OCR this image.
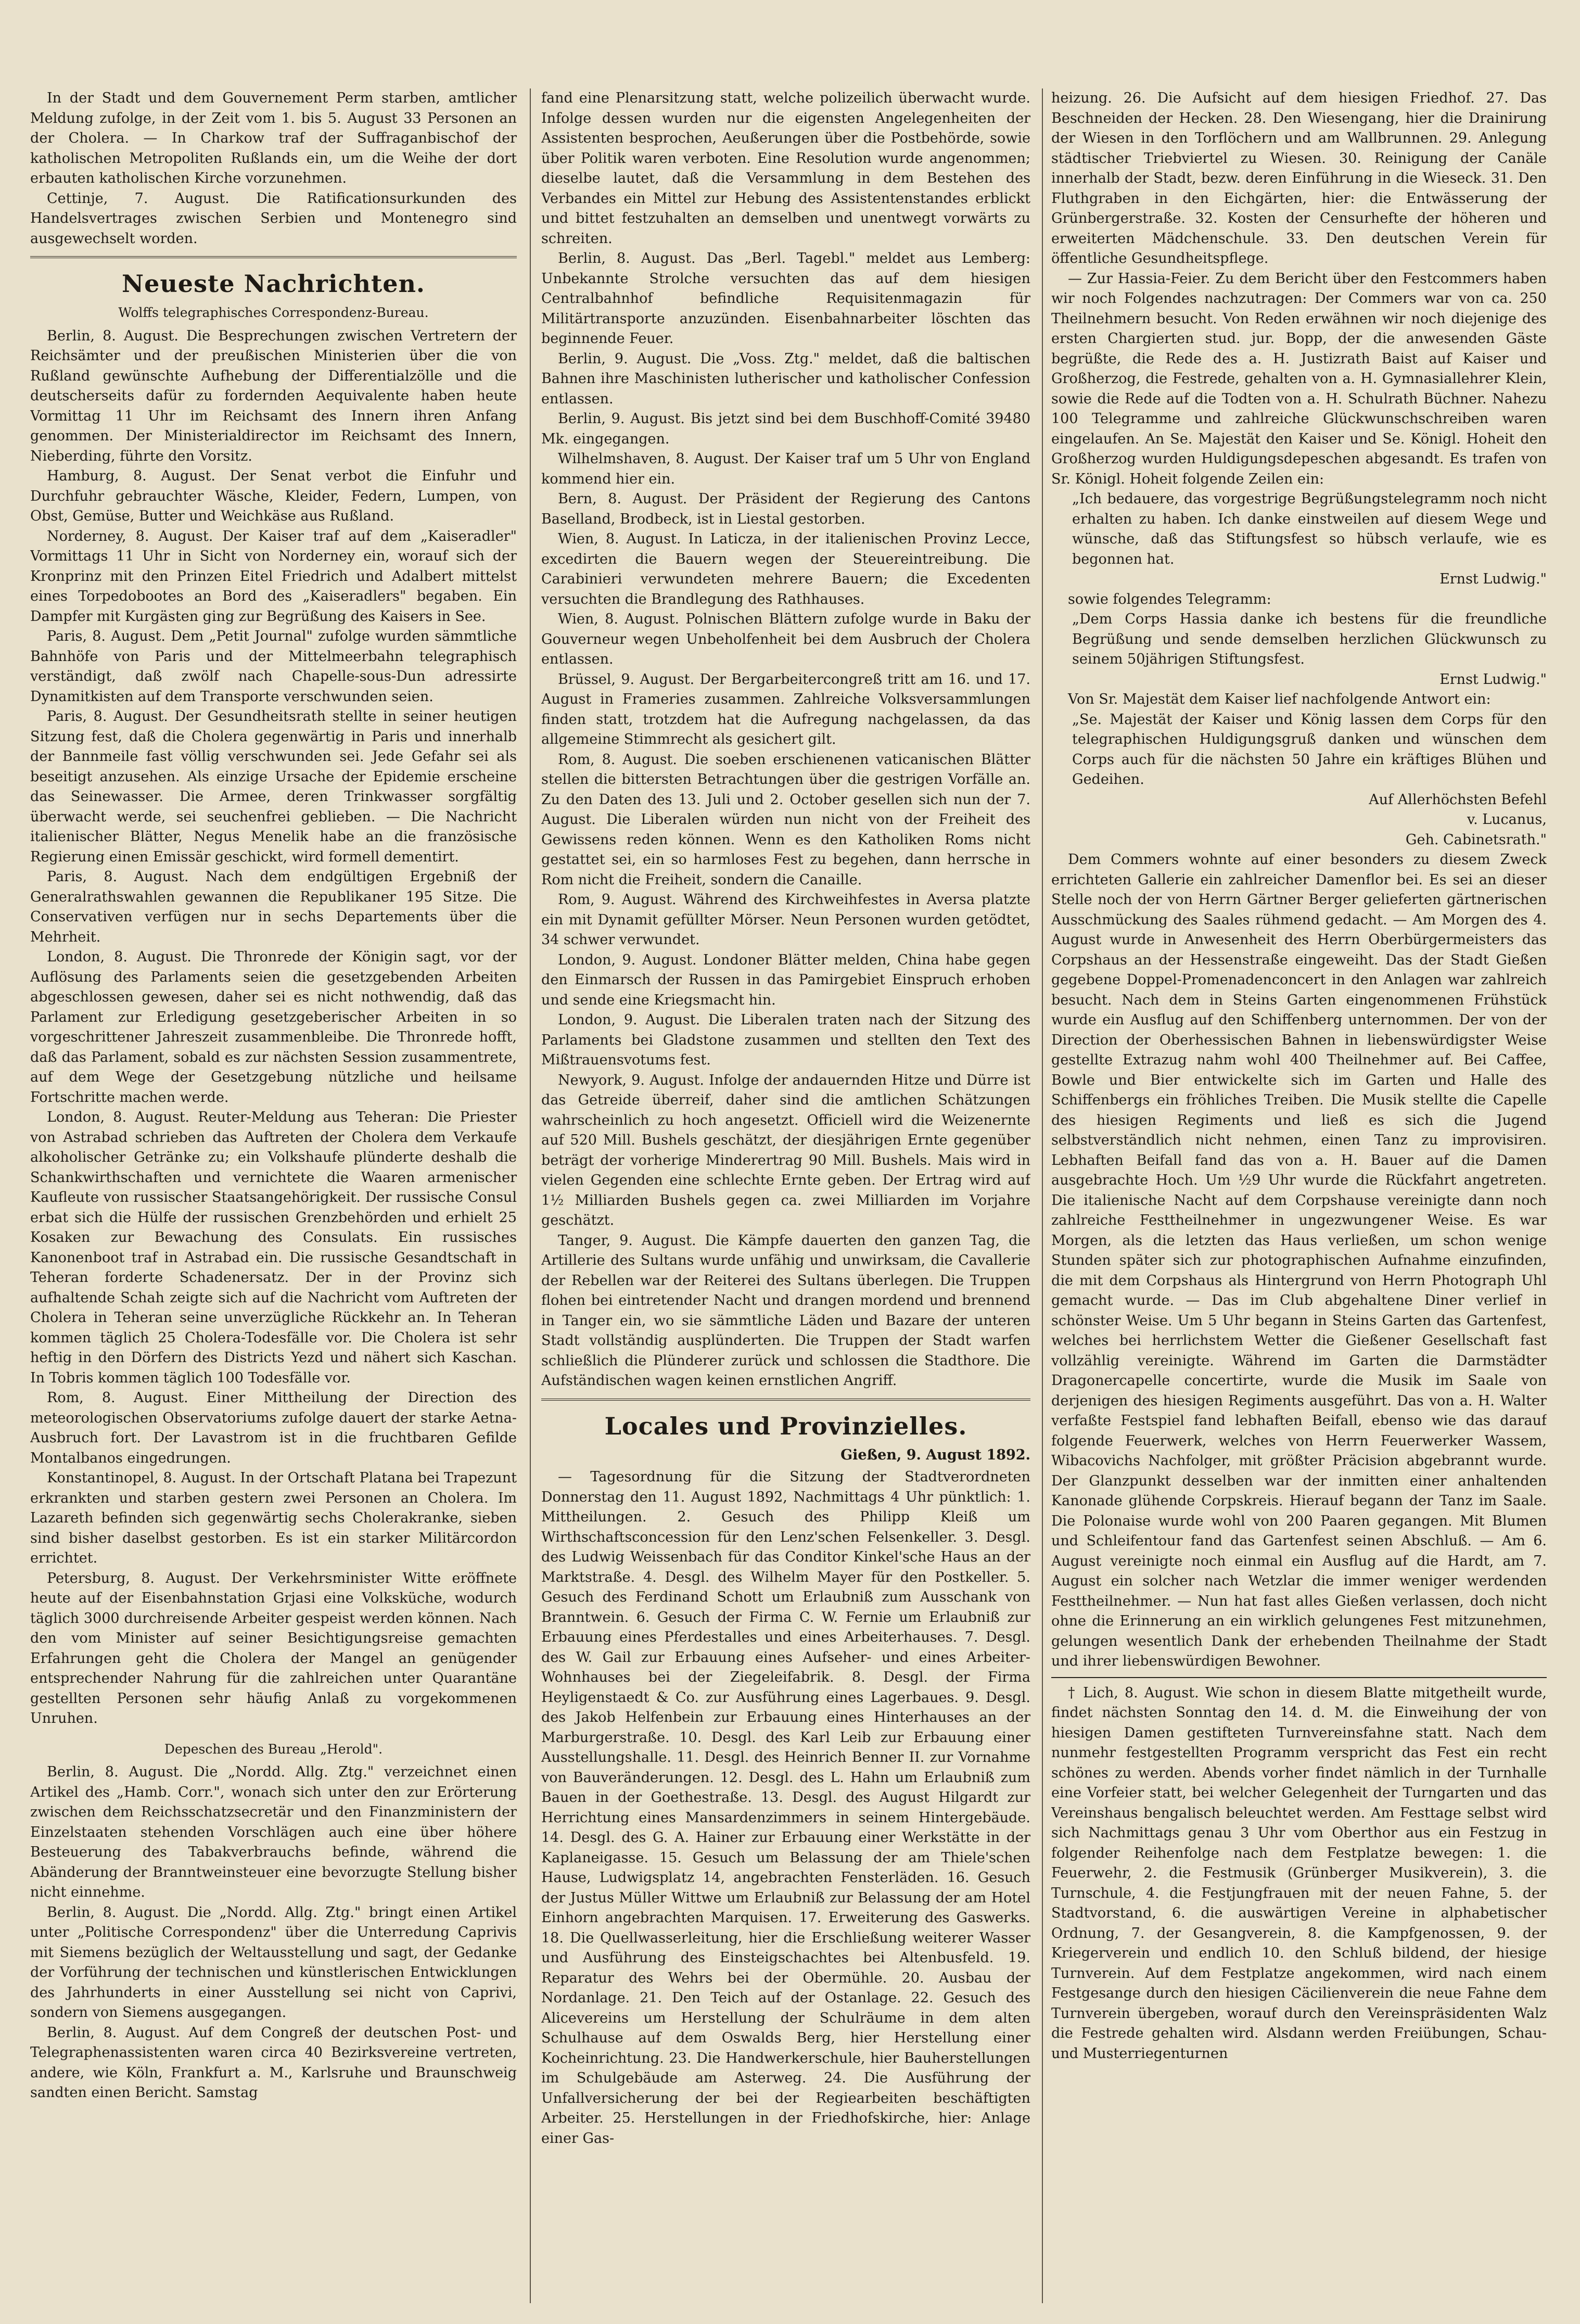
In der Stadt und dem Gouvernement Perm starben, amtlicher Meldung zufolge, in der Zeit vom 1. bis 5. August 33 Personen an der Cholera. — In Charkow traf der Suffraganbischof der katholischen Metropoliten Rußlands ein, um die Weihe der dort erbauten katholischen Kirche vorzunehmen.

Cettinje, 7. August. Die Ratificationsurkunden des Handelsvertrages zwischen Serbien und Montenegro sind ausgewechselt worden.

Neueste Nachrichten.
Wolffs telegraphisches Correspondenz-Bureau.

Berlin, 8. August. Die Besprechungen zwischen Vertretern der Reichsämter und der preußischen Ministerien über die von Rußland gewünschte Aufhebung der Differentialzölle und die deutscherseits dafür zu fordernden Aequivalente haben heute Vormittag 11 Uhr im Reichsamt des Innern ihren Anfang genommen. Der Ministerialdirector im Reichsamt des Innern, Nieberding, führte den Vorsitz.

Hamburg, 8. August. Der Senat verbot die Einfuhr und Durchfuhr gebrauchter Wäsche, Kleider, Federn, Lumpen, von Obst, Gemüse, Butter und Weichkäse aus Rußland.

Norderney, 8. August. Der Kaiser traf auf dem „Kaiseradler" Vormittags 11 Uhr in Sicht von Norderney ein, worauf sich der Kronprinz mit den Prinzen Eitel Friedrich und Adalbert mittelst eines Torpedobootes an Bord des „Kaiseradlers" begaben. Ein Dampfer mit Kurgästen ging zur Begrüßung des Kaisers in See.

Paris, 8. August. Dem „Petit Journal" zufolge wurden sämmtliche Bahnhöfe von Paris und der Mittelmeerbahn telegraphisch verständigt, daß zwölf nach Chapelle-sous-Dun adressirte Dynamitkisten auf dem Transporte verschwunden seien.

Paris, 8. August. Der Gesundheitsrath stellte in seiner heutigen Sitzung fest, daß die Cholera gegenwärtig in Paris und innerhalb der Bannmeile fast völlig verschwunden sei. Jede Gefahr sei als beseitigt anzusehen. Als einzige Ursache der Epidemie erscheine das Seinewasser. Die Armee, deren Trinkwasser sorgfältig überwacht werde, sei seuchenfrei geblieben. — Die Nachricht italienischer Blätter, Negus Menelik habe an die französische Regierung einen Emissär geschickt, wird formell dementirt.

Paris, 8. August. Nach dem endgültigen Ergebniß der Generalrathswahlen gewannen die Republikaner 195 Sitze. Die Conservativen verfügen nur in sechs Departements über die Mehrheit.

London, 8. August. Die Thronrede der Königin sagt, vor der Auflösung des Parlaments seien die gesetzgebenden Arbeiten abgeschlossen gewesen, daher sei es nicht nothwendig, daß das Parlament zur Erledigung gesetzgeberischer Arbeiten in so vorgeschrittener Jahreszeit zusammenbleibe. Die Thronrede hofft, daß das Parlament, sobald es zur nächsten Session zusammentrete, auf dem Wege der Gesetzgebung nützliche und heilsame Fortschritte machen werde.

London, 8. August. Reuter-Meldung aus Teheran: Die Priester von Astrabad schrieben das Auftreten der Cholera dem Verkaufe alkoholischer Getränke zu; ein Volkshaufe plünderte deshalb die Schankwirthschaften und vernichtete die Waaren armenischer Kaufleute von russischer Staatsangehörigkeit. Der russische Consul erbat sich die Hülfe der russischen Grenzbehörden und erhielt 25 Kosaken zur Bewachung des Consulats. Ein russisches Kanonenboot traf in Astrabad ein. Die russische Gesandtschaft in Teheran forderte Schadenersatz. Der in der Provinz sich aufhaltende Schah zeigte sich auf die Nachricht vom Auftreten der Cholera in Teheran seine unverzügliche Rückkehr an. In Teheran kommen täglich 25 Cholera-Todesfälle vor. Die Cholera ist sehr heftig in den Dörfern des Districts Yezd und nähert sich Kaschan. In Tobris kommen täglich 100 Todesfälle vor.

Rom, 8. August. Einer Mittheilung der Direction des meteorologischen Observatoriums zufolge dauert der starke Aetna-Ausbruch fort. Der Lavastrom ist in die fruchtbaren Gefilde Montalbanos eingedrungen.

Konstantinopel, 8. August. In der Ortschaft Platana bei Trapezunt erkrankten und starben gestern zwei Personen an Cholera. Im Lazareth befinden sich gegenwärtig sechs Cholerakranke, sieben sind bisher daselbst gestorben. Es ist ein starker Militärcordon errichtet.

Petersburg, 8. August. Der Verkehrsminister Witte eröffnete heute auf der Eisenbahnstation Grjasi eine Volksküche, wodurch täglich 3000 durchreisende Arbeiter gespeist werden können. Nach den vom Minister auf seiner Besichtigungsreise gemachten Erfahrungen geht die Cholera der Mangel an genügender entsprechender Nahrung für die zahlreichen unter Quarantäne gestellten Personen sehr häufig Anlaß zu vorgekommenen Unruhen.

Depeschen des Bureau „Herold".

Berlin, 8. August. Die „Nordd. Allg. Ztg." verzeichnet einen Artikel des „Hamb. Corr.", wonach sich unter den zur Erörterung zwischen dem Reichsschatzsecretär und den Finanzministern der Einzelstaaten stehenden Vorschlägen auch eine über höhere Besteuerung des Tabakverbrauchs befinde, während die Abänderung der Branntweinsteuer eine bevorzugte Stellung bisher nicht einnehme.

Berlin, 8. August. Die „Nordd. Allg. Ztg." bringt einen Artikel unter „Politische Correspondenz" über die Unterredung Caprivis mit Siemens bezüglich der Weltausstellung und sagt, der Gedanke der Vorführung der technischen und künstlerischen Entwicklungen des Jahrhunderts in einer Ausstellung sei nicht von Caprivi, sondern von Siemens ausgegangen.

Berlin, 8. August. Auf dem Congreß der deutschen Post- und Telegraphenassistenten waren circa 40 Bezirksvereine vertreten, andere, wie Köln, Frankfurt a. M., Karlsruhe und Braunschweig sandten einen Bericht. Samstag

fand eine Plenarsitzung statt, welche polizeilich überwacht wurde. Infolge dessen wurden nur die eigensten Angelegenheiten der Assistenten besprochen, Aeußerungen über die Postbehörde, sowie über Politik waren verboten. Eine Resolution wurde angenommen; dieselbe lautet, daß die Versammlung in dem Bestehen des Verbandes ein Mittel zur Hebung des Assistentenstandes erblickt und bittet festzuhalten an demselben und unentwegt vorwärts zu schreiten.

Berlin, 8. August. Das „Berl. Tagebl." meldet aus Lemberg: Unbekannte Strolche versuchten das auf dem hiesigen Centralbahnhof befindliche Requisitenmagazin für Militärtransporte anzuzünden. Eisenbahnarbeiter löschten das beginnende Feuer.

Berlin, 9. August. Die „Voss. Ztg." meldet, daß die baltischen Bahnen ihre Maschinisten lutherischer und katholischer Confession entlassen.

Berlin, 9. August. Bis jetzt sind bei dem Buschhoff-Comité 39480 Mk. eingegangen.

Wilhelmshaven, 8. August. Der Kaiser traf um 5 Uhr von England kommend hier ein.

Bern, 8. August. Der Präsident der Regierung des Cantons Baselland, Brodbeck, ist in Liestal gestorben.

Wien, 8. August. In Laticza, in der italienischen Provinz Lecce, excedirten die Bauern wegen der Steuereintreibung. Die Carabinieri verwundeten mehrere Bauern; die Excedenten versuchten die Brandlegung des Rathhauses.

Wien, 8. August. Polnischen Blättern zufolge wurde in Baku der Gouverneur wegen Unbeholfenheit bei dem Ausbruch der Cholera entlassen.

Brüssel, 9. August. Der Bergarbeitercongreß tritt am 16. und 17. August in Frameries zusammen. Zahlreiche Volksversammlungen finden statt, trotzdem hat die Aufregung nachgelassen, da das allgemeine Stimmrecht als gesichert gilt.

Rom, 8. August. Die soeben erschienenen vaticanischen Blätter stellen die bittersten Betrachtungen über die gestrigen Vorfälle an. Zu den Daten des 13. Juli und 2. October gesellen sich nun der 7. August. Die Liberalen würden nun nicht von der Freiheit des Gewissens reden können. Wenn es den Katholiken Roms nicht gestattet sei, ein so harmloses Fest zu begehen, dann herrsche in Rom nicht die Freiheit, sondern die Canaille.

Rom, 9. August. Während des Kirchweihfestes in Aversa platzte ein mit Dynamit gefüllter Mörser. Neun Personen wurden getödtet, 34 schwer verwundet.

London, 9. August. Londoner Blätter melden, China habe gegen den Einmarsch der Russen in das Pamirgebiet Einspruch erhoben und sende eine Kriegsmacht hin.

London, 9. August. Die Liberalen traten nach der Sitzung des Parlaments bei Gladstone zusammen und stellten den Text des Mißtrauensvotums fest.

Newyork, 9. August. Infolge der andauernden Hitze und Dürre ist das Getreide überreif, daher sind die amtlichen Schätzungen wahrscheinlich zu hoch angesetzt. Officiell wird die Weizenernte auf 520 Mill. Bushels geschätzt, der diesjährigen Ernte gegenüber beträgt der vorherige Minderertrag 90 Mill. Bushels. Mais wird in vielen Gegenden eine schlechte Ernte geben. Der Ertrag wird auf 1½ Milliarden Bushels gegen ca. zwei Milliarden im Vorjahre geschätzt.

Tanger, 9. August. Die Kämpfe dauerten den ganzen Tag, die Artillerie des Sultans wurde unfähig und unwirksam, die Cavallerie der Rebellen war der Reiterei des Sultans überlegen. Die Truppen flohen bei eintretender Nacht und drangen mordend und brennend in Tanger ein, wo sie sämmtliche Läden und Bazare der unteren Stadt vollständig ausplünderten. Die Truppen der Stadt warfen schließlich die Plünderer zurück und schlossen die Stadthore. Die Aufständischen wagen keinen ernstlichen Angriff.

Locales und Provinzielles.
Gießen, 9. August 1892.

— Tagesordnung für die Sitzung der Stadtverordneten Donnerstag den 11. August 1892, Nachmittags 4 Uhr pünktlich: 1. Mittheilungen. 2. Gesuch des Philipp Kleiß um Wirthschaftsconcession für den Lenz'schen Felsenkeller. 3. Desgl. des Ludwig Weissenbach für das Conditor Kinkel'sche Haus an der Marktstraße. 4. Desgl. des Wilhelm Mayer für den Postkeller. 5. Gesuch des Ferdinand Schott um Erlaubniß zum Ausschank von Branntwein. 6. Gesuch der Firma C. W. Fernie um Erlaubniß zur Erbauung eines Pferdestalles und eines Arbeiterhauses. 7. Desgl. des W. Gail zur Erbauung eines Aufseher- und eines Arbeiter-Wohnhauses bei der Ziegeleifabrik. 8. Desgl. der Firma Heyligenstaedt & Co. zur Ausführung eines Lagerbaues. 9. Desgl. des Jakob Helfenbein zur Erbauung eines Hinterhauses an der Marburgerstraße. 10. Desgl. des Karl Leib zur Erbauung einer Ausstellungshalle. 11. Desgl. des Heinrich Benner II. zur Vornahme von Bauveränderungen. 12. Desgl. des L. Hahn um Erlaubniß zum Bauen in der Goethestraße. 13. Desgl. des August Hilgardt zur Herrichtung eines Mansardenzimmers in seinem Hintergebäude. 14. Desgl. des G. A. Hainer zur Erbauung einer Werkstätte in der Kaplaneigasse. 15. Gesuch um Belassung der am Thiele'schen Hause, Ludwigsplatz 14, angebrachten Fensterläden. 16. Gesuch der Justus Müller Wittwe um Erlaubniß zur Belassung der am Hotel Einhorn angebrachten Marquisen. 17. Erweiterung des Gaswerks. 18. Die Quellwasserleitung, hier die Erschließung weiterer Wasser und Ausführung des Einsteigschachtes bei Altenbusfeld. 19. Reparatur des Wehrs bei der Obermühle. 20. Ausbau der Nordanlage. 21. Den Teich auf der Ostanlage. 22. Gesuch des Alicevereins um Herstellung der Schulräume in dem alten Schulhause auf dem Oswalds Berg, hier Herstellung einer Kocheinrichtung. 23. Die Handwerkerschule, hier Bauherstellungen im Schulgebäude am Asterweg. 24. Die Ausführung der Unfallversicherung der bei der Regiearbeiten beschäftigten Arbeiter. 25. Herstellungen in der Friedhofskirche, hier: Anlage einer Gas-

heizung. 26. Die Aufsicht auf dem hiesigen Friedhof. 27. Das Beschneiden der Hecken. 28. Den Wiesengang, hier die Drainirung der Wiesen in den Torflöchern und am Wallbrunnen. 29. Anlegung städtischer Triebviertel zu Wiesen. 30. Reinigung der Canäle innerhalb der Stadt, bezw. deren Einführung in die Wieseck. 31. Den Fluthgraben in den Eichgärten, hier: die Entwässerung der Grünbergerstraße. 32. Kosten der Censurhefte der höheren und erweiterten Mädchenschule. 33. Den deutschen Verein für öffentliche Gesundheitspflege.

— Zur Hassia-Feier. Zu dem Bericht über den Festcommers haben wir noch Folgendes nachzutragen: Der Commers war von ca. 250 Theilnehmern besucht. Von Reden erwähnen wir noch diejenige des ersten Chargierten stud. jur. Bopp, der die anwesenden Gäste begrüßte, die Rede des a. H. Justizrath Baist auf Kaiser und Großherzog, die Festrede, gehalten von a. H. Gymnasiallehrer Klein, sowie die Rede auf die Todten von a. H. Schulrath Büchner. Nahezu 100 Telegramme und zahlreiche Glückwunschschreiben waren eingelaufen. An Se. Majestät den Kaiser und Se. Königl. Hoheit den Großherzog wurden Huldigungsdepeschen abgesandt. Es trafen von Sr. Königl. Hoheit folgende Zeilen ein:

„Ich bedauere, das vorgestrige Begrüßungstelegramm noch nicht erhalten zu haben. Ich danke einstweilen auf diesem Wege und wünsche, daß das Stiftungsfest so hübsch verlaufe, wie es begonnen hat.

Ernst Ludwig."

sowie folgendes Telegramm:

„Dem Corps Hassia danke ich bestens für die freundliche Begrüßung und sende demselben herzlichen Glückwunsch zu seinem 50jährigen Stiftungsfest.

Ernst Ludwig."

Von Sr. Majestät dem Kaiser lief nachfolgende Antwort ein:

„Se. Majestät der Kaiser und König lassen dem Corps für den telegraphischen Huldigungsgruß danken und wünschen dem Corps auch für die nächsten 50 Jahre ein kräftiges Blühen und Gedeihen.

Auf Allerhöchsten Befehl

v. Lucanus,

Geh. Cabinetsrath."

Dem Commers wohnte auf einer besonders zu diesem Zweck errichteten Gallerie ein zahlreicher Damenflor bei. Es sei an dieser Stelle noch der von Herrn Gärtner Berger gelieferten gärtnerischen Ausschmückung des Saales rühmend gedacht. — Am Morgen des 4. August wurde in Anwesenheit des Herrn Oberbürgermeisters das Corpshaus an der Hessenstraße eingeweiht. Das der Stadt Gießen gegebene Doppel-Promenadenconcert in den Anlagen war zahlreich besucht. Nach dem in Steins Garten eingenommenen Frühstück wurde ein Ausflug auf den Schiffenberg unternommen. Der von der Direction der Oberhessischen Bahnen in liebenswürdigster Weise gestellte Extrazug nahm wohl 400 Theilnehmer auf. Bei Caffee, Bowle und Bier entwickelte sich im Garten und Halle des Schiffenbergs ein fröhliches Treiben. Die Musik stellte die Capelle des hiesigen Regiments und ließ es sich die Jugend selbstverständlich nicht nehmen, einen Tanz zu improvisiren. Lebhaften Beifall fand das von a. H. Bauer auf die Damen ausgebrachte Hoch. Um ½9 Uhr wurde die Rückfahrt angetreten. Die italienische Nacht auf dem Corpshause vereinigte dann noch zahlreiche Festtheilnehmer in ungezwungener Weise. Es war Morgen, als die letzten das Haus verließen, um schon wenige Stunden später sich zur photographischen Aufnahme einzufinden, die mit dem Corpshaus als Hintergrund von Herrn Photograph Uhl gemacht wurde. — Das im Club abgehaltene Diner verlief in schönster Weise. Um 5 Uhr begann in Steins Garten das Gartenfest, welches bei herrlichstem Wetter die Gießener Gesellschaft fast vollzählig vereinigte. Während im Garten die Darmstädter Dragonercapelle concertirte, wurde die Musik im Saale von derjenigen des hiesigen Regiments ausgeführt. Das von a. H. Walter verfaßte Festspiel fand lebhaften Beifall, ebenso wie das darauf folgende Feuerwerk, welches von Herrn Feuerwerker Wassem, Wibacovichs Nachfolger, mit größter Präcision abgebrannt wurde. Der Glanzpunkt desselben war der inmitten einer anhaltenden Kanonade glühende Corpskreis. Hierauf begann der Tanz im Saale. Die Polonaise wurde wohl von 200 Paaren gegangen. Mit Blumen und Schleifentour fand das Gartenfest seinen Abschluß. — Am 6. August vereinigte noch einmal ein Ausflug auf die Hardt, am 7. August ein solcher nach Wetzlar die immer weniger werdenden Festtheilnehmer. — Nun hat fast alles Gießen verlassen, doch nicht ohne die Erinnerung an ein wirklich gelungenes Fest mitzunehmen, gelungen wesentlich Dank der erhebenden Theilnahme der Stadt und ihrer liebenswürdigen Bewohner.

† Lich, 8. August. Wie schon in diesem Blatte mitgetheilt wurde, findet nächsten Sonntag den 14. d. M. die Einweihung der von hiesigen Damen gestifteten Turnvereinsfahne statt. Nach dem nunmehr festgestellten Programm verspricht das Fest ein recht schönes zu werden. Abends vorher findet nämlich in der Turnhalle eine Vorfeier statt, bei welcher Gelegenheit der Turngarten und das Vereinshaus bengalisch beleuchtet werden. Am Festtage selbst wird sich Nachmittags genau 3 Uhr vom Oberthor aus ein Festzug in folgender Reihenfolge nach dem Festplatze bewegen: 1. die Feuerwehr, 2. die Festmusik (Grünberger Musikverein), 3. die Turnschule, 4. die Festjungfrauen mit der neuen Fahne, 5. der Stadtvorstand, 6. die auswärtigen Vereine in alphabetischer Ordnung, 7. der Gesangverein, 8. die Kampfgenossen, 9. der Kriegerverein und endlich 10. den Schluß bildend, der hiesige Turnverein. Auf dem Festplatze angekommen, wird nach einem Festgesange durch den hiesigen Cäcilienverein die neue Fahne dem Turnverein übergeben, worauf durch den Vereinspräsidenten Walz die Festrede gehalten wird. Alsdann werden Freiübungen, Schau- und Musterriegenturnen
